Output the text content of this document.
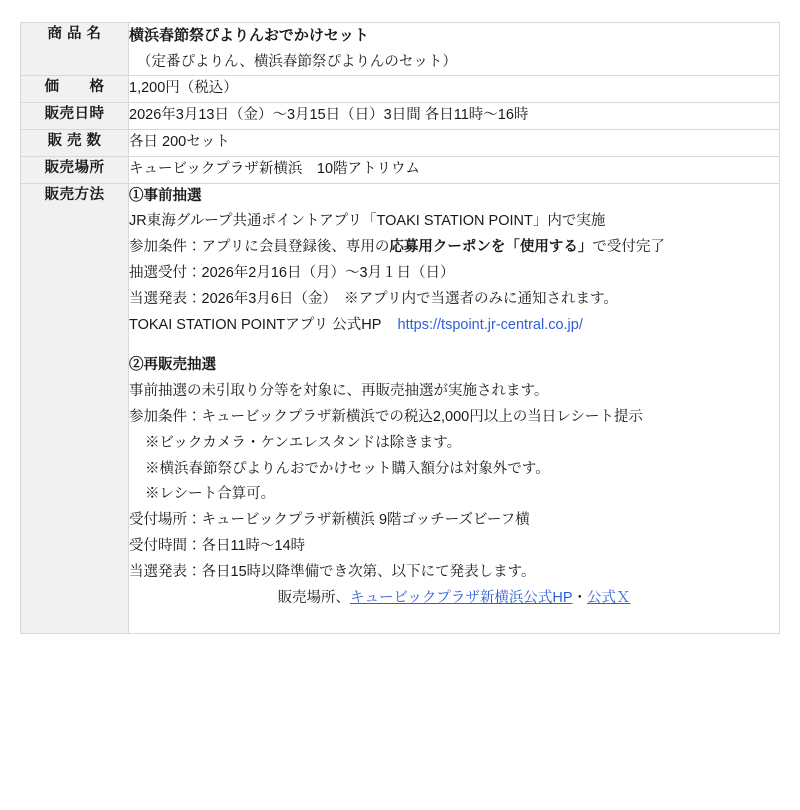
商 品 名	横浜春節祭ぴよりんおでかけセット
（定番ぴよりん、横浜春節祭ぴよりんのセット）

価　　格	1,200円（税込）
販売日時	2026年3月13日（金）〜3月15日（日）3日間 各日11時〜16時
販 売 数	各日 200セット
販売場所	キュービックプラザ新横浜　10階アトリウム
販売方法	①事前抽選
JR東海グループ共通ポイントアプリ「TOAKI STATION POINT」内で実施
参加条件：アプリに会員登録後、専用の応募用クーポンを「使用する」で受付完了
抽選受付：2026年2月16日（月）〜3月１日（日）
当選発表：2026年3月6日（金）　※アプリ内で当選者のみに通知されます。
TOKAI STATION POINTアプリ 公式HP https://tspoint.jr-central.co.jp/
②再販売抽選
事前抽選の未引取り分等を対象に、再販売抽選が実施されます。
参加条件：キュービックプラザ新横浜での税込2,000円以上の当日レシート提示
※ビックカメラ・ケンエレスタンドは除きます。
※横浜春節祭ぴよりんおでかけセット購入額分は対象外です。
※レシート合算可。
受付場所：キュービックプラザ新横浜 9階ゴッチーズビーフ横
受付時間：各日11時〜14時
当選発表：各日15時以降準備でき次第、以下にて発表します。
販売場所、キュービックプラザ新横浜公式HP・公式Ｘ
